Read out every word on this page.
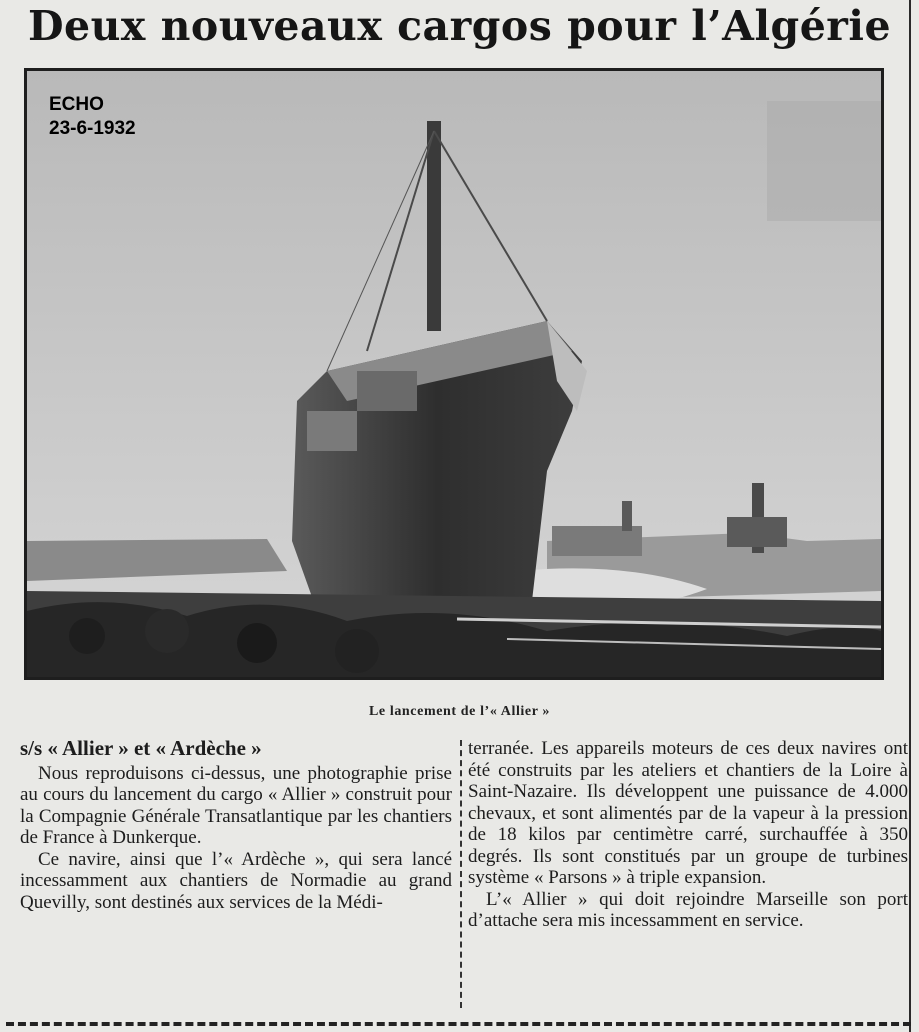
Deux nouveaux cargos pour l’Algérie
ECHO
23-6-1932
Le lancement de l’« Allier »
s/s « Allier » et « Ardèche »

Nous reproduisons ci-dessus, une photographie prise au cours du lancement du cargo « Allier » construit pour la Compagnie Générale Transatlantique par les chantiers de France à Dunkerque.

Ce navire, ainsi que l’« Ardèche », qui sera lancé incessamment aux chantiers de Normadie au grand Quevilly, sont destinés aux services de la Médi-

terranée. Les appareils moteurs de ces deux navires ont été construits par les ateliers et chantiers de la Loire à Saint-Nazaire. Ils développent une puissance de 4.000 chevaux, et sont alimentés par de la vapeur à la pression de 18 kilos par centimètre carré, surchauffée à 350 degrés. Ils sont constitués par un groupe de turbines système « Parsons » à triple expansion.

L’« Allier » qui doit rejoindre Marseille son port d’attache sera mis incessamment en service.
